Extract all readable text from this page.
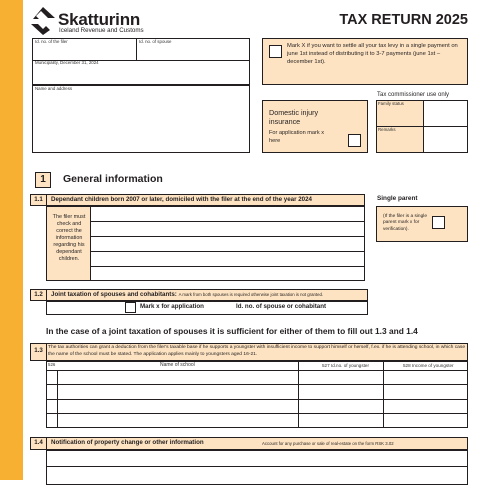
Skatturinn
Iceland Revenue and Customs
TAX RETURN 2025
Id. no. of the filer	Id. no. of spouse
Municipality, December 31, 2024
Name and address
Mark X if you want to settle all your tax levy in a single payment on june 1st instead of distributing it to 3-7 payments (june 1st – december 1st).
Domestic injury insurance
For application mark x here
Tax commissioner use only
Family status
Remarks
1	General information
1.1	Dependant children born 2007 or later, domiciled with the filer at the end of the year 2024
The filer must check and correct the information regarding his dependant children.
Single parent
(If the filer is a single parent mark x for verification).
1.2	Joint taxation of spouses and cohabitants: A mark from both spouses is required otherwise joint taxation is not granted.
Mark x for application	Id. no. of spouse or cohabitant
In the case of a joint taxation of spouses it is sufficient for either of them to fill out 1.3 and 1.4
1.3	The tax authorities can grant a deduction from the filer's taxable base if he supports a youngster with insufficient income to support himself or herself, f.ex. if he is attending school, in which case the name of the school must be stated. The application applies mainly to youngsters aged 16-21.
526	Name of school	527 Id.no. of youngster	528 Income of youngster
1.4	Notification of property change or other information	Account for any purchase or sale of real-estate on the form RSK 3.02
